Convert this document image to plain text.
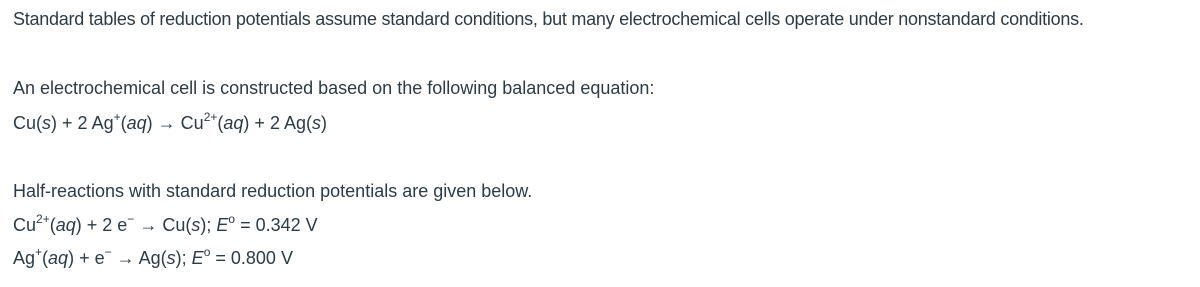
Standard tables of reduction potentials assume standard conditions, but many electrochemical cells operate under nonstandard conditions.
An electrochemical cell is constructed based on the following balanced equation:
Cu(s) + 2 $Ag^+(aq) \to Cu^{2+}(aq) + 2$ Ag(s)
Half-reactions with standard reduction potentials are given below.
$Cu^{2+}(aq) + 2$ e− → Cu(s); $E^o = 0.342$ V
Ag+(aq) + e− → Ag(s); $E^o = 0.800$ V
